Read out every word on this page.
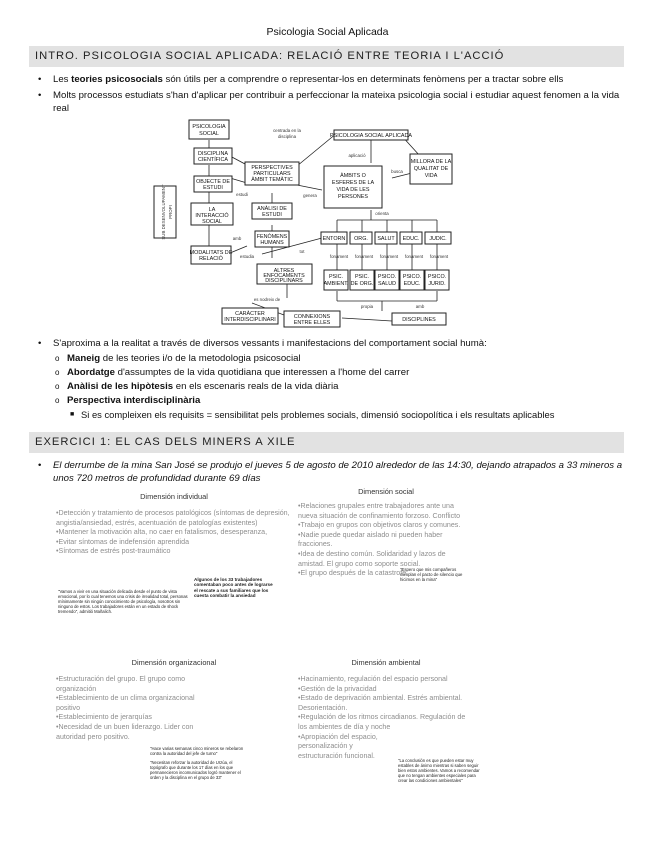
Psicologia Social Aplicada
INTRO. PSICOLOGIA SOCIAL APLICADA: RELACIÓ ENTRE TEORIA I L'ACCIÓ
• Les teories psicosocials són útils per a comprendre o representar-los en determinats fenòmens per a tractar sobre ells
• Molts processos estudiats s'han d'aplicar per contribuir a perfeccionar la mateixa psicologia social i estudiar aquest fenomen a la vida real
PSICOLOGIA
SOCIAL
DISCIPLINA
CIENTÍFICA
OBJECTE DE
ESTUDI
LA
INTERACCIÓ
SOCIAL
MODALITATS DE
RELACIÓ
PERSPECTIVES
PARTICULARS
ÀMBIT TEMÀTIC
ANÀLISI DE
ESTUDI
FENÒMENS
HUMANS
ALTRES
ENFOCAMENTS
DISCIPLINARS
CARÀCTER
INTERDISCIPLINARI	CONNEXIONS
ENTRE ELLES
PSICOLOGIA SOCIAL APLICADA
ÀMBITS O
ESFERES DE LA
VIDA DE LES
PERSONES
MILLORA DE LA
QUALITAT DE
VIDA
ENTORN ORG. SALUT EDUC. JUDIC.
PSIC.
AMBIENT.
PSIC.
DE ORG.
PSICO.
SALUD
PSICO.
EDUC.
PSICO.
JURID.
DISCIPLINES
SUB DESENVOLUPAMENT PROPI
centrada en la
disciplina
estudi	genera
busca
aplicació
orienta
amb
estudia
tot
fonament fonament fonament fonament fonament
es nodreix de
propia	amb
• S'aproxima a la realitat a través de diversos vessants i manifestacions del comportament social humà:
o Maneig de les teories i/o de la metodologia psicosocial
o Abordatge d'assumptes de la vida quotidiana que interessen a l'home del carrer
o Anàlisi de les hipòtesis en els escenaris reals de la vida diària
o Perspectiva interdisciplinària
■ Si es compleixen els requisits = sensibilitat pels problemes socials, dimensió sociopolítica i els resultats aplicables
EXERCICI 1: EL CAS DELS MINERS A XILE
• El derrumbe de la mina San José se produjo el jueves 5 de agosto de 2010 alrededor de las 14:30, dejando atrapados a 33 mineros a unos 720 metros de profundidad durante 69 días
Dimensión individual
•Detección y tratamiento de procesos patológicos (síntomas de depresión, angistia/ansiedad, estrés, acentuación de patologías existentes)
•Mantener la motivación alta, no caer en fatalismos, desesperanza,
•Evitar síntomas de indefensión aprendida
•Síntomas de estrés post-traumático
"Vamos a vivir en una situación delicada desde el punto de vista emocional, por lo cual tenemos una crisis de irrealidad total, personas mínimamente sin ningún conocimiento de psicología, nosotros sin ninguno de estos. Los trabajadores están en un estado de shock tremendo", admitió Mañalich.
Algunos de los 33 trabajadores comentaban poco antes de lograrse el rescate a sus familiares que los cuesta combatir la ansiedad
Dimensión social
•Relaciones grupales entre trabajadores ante una nueva situación de confinamiento forzoso. Conflicto
•Trabajo en grupos con objetivos claros y comunes.
•Nadie puede quedar aislado ni pueden haber fracciones.
•Idea de destino común. Solidaridad y lazos de amistad. El grupo como soporte social.
•El grupo después de la catastrofe
"Espero que mis compañeros cumplan el pacto de silencio que hicimos en la mina"
Dimensión organizacional
•Estructuración del grupo. El grupo como organización
•Establecimiento de un clima organizacional positivo
•Establecimiento de jerarquías
•Necesidad de un buen liderazgo. Lider con autoridad pero positivo.
"Hace varias semanas cinco mineros se rebelaron contra la autoridad del jefe de turno"
"Necesitan reforzar la autoridad de Urzúa, el topógrafo que durante los 17 días en los que permanecieron incomunicados logró mantener el orden y la disciplina en el grupo de 33"
Dimensión ambiental
•Hacinamiento, regulación del espacio personal
•Gestión de la privacidad
•Estado de deprivación ambiental. Estrés ambiental. Desorientación.
•Regulación de los ritmos circadianos. Regulación de los ambientes de día y noche
•Apropiación del espacio, personalización y estructuración funcional.
"La conclusión es que pueden estar muy estables de ánimo mientras si saben seguir bien estos ambientes. Vamos a recomendar que no tengan ambientes especiales para crear las condiciones ambientales"
